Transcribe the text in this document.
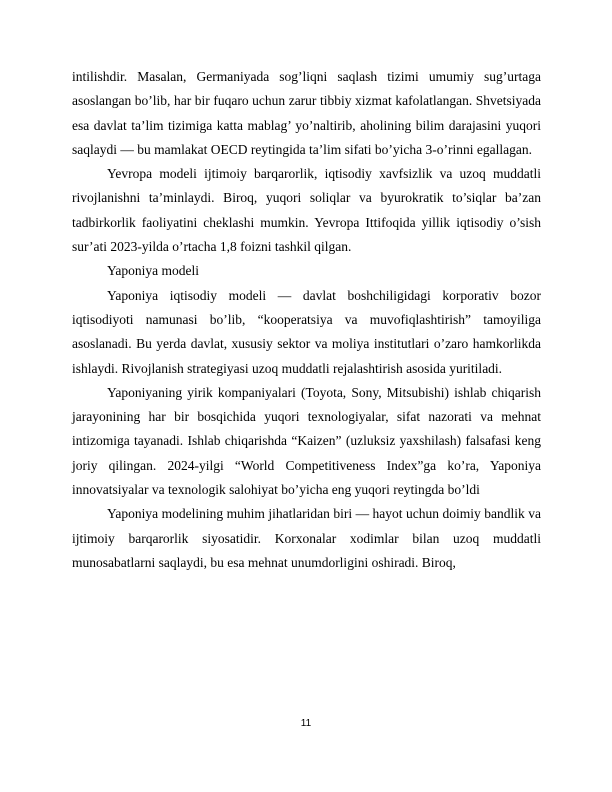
intilishdir. Masalan, Germaniyada sog’liqni saqlash tizimi umumiy sug’urtaga asoslangan bo’lib, har bir fuqaro uchun zarur tibbiy xizmat kafolatlangan. Shvetsiyada esa davlat ta’lim tizimiga katta mablag’ yo’naltirib, aholining bilim darajasini yuqori saqlaydi — bu mamlakat OECD reytingida ta’lim sifati bo’yicha 3-o’rinni egallagan.

Yevropa modeli ijtimoiy barqarorlik, iqtisodiy xavfsizlik va uzoq muddatli rivojlanishni ta’minlaydi. Biroq, yuqori soliqlar va byurokratik to’siqlar ba’zan tadbirkorlik faoliyatini cheklashi mumkin. Yevropa Ittifoqida yillik iqtisodiy o’sish sur’ati 2023-yilda o’rtacha 1,8 foizni tashkil qilgan.

Yaponiya modeli

Yaponiya iqtisodiy modeli — davlat boshchiligidagi korporativ bozor iqtisodiyoti namunasi bo’lib, “kooperatsiya va muvofiqlashtirish” tamoyiliga asoslanadi. Bu yerda davlat, xususiy sektor va moliya institutlari o’zaro hamkorlikda ishlaydi. Rivojlanish strategiyasi uzoq muddatli rejalashtirish asosida yuritiladi.

Yaponiyaning yirik kompaniyalari (Toyota, Sony, Mitsubishi) ishlab chiqarish jarayonining har bir bosqichida yuqori texnologiyalar, sifat nazorati va mehnat intizomiga tayanadi. Ishlab chiqarishda “Kaizen” (uzluksiz yaxshilash) falsafasi keng joriy qilingan. 2024-yilgi “World Competitiveness Index”ga ko’ra, Yaponiya innovatsiyalar va texnologik salohiyat bo’yicha eng yuqori reytingda bo’ldi

Yaponiya modelining muhim jihatlaridan biri — hayot uchun doimiy bandlik va ijtimoiy barqarorlik siyosatidir. Korxonalar xodimlar bilan uzoq muddatli munosabatlarni saqlaydi, bu esa mehnat unumdorligini oshiradi. Biroq,

11
